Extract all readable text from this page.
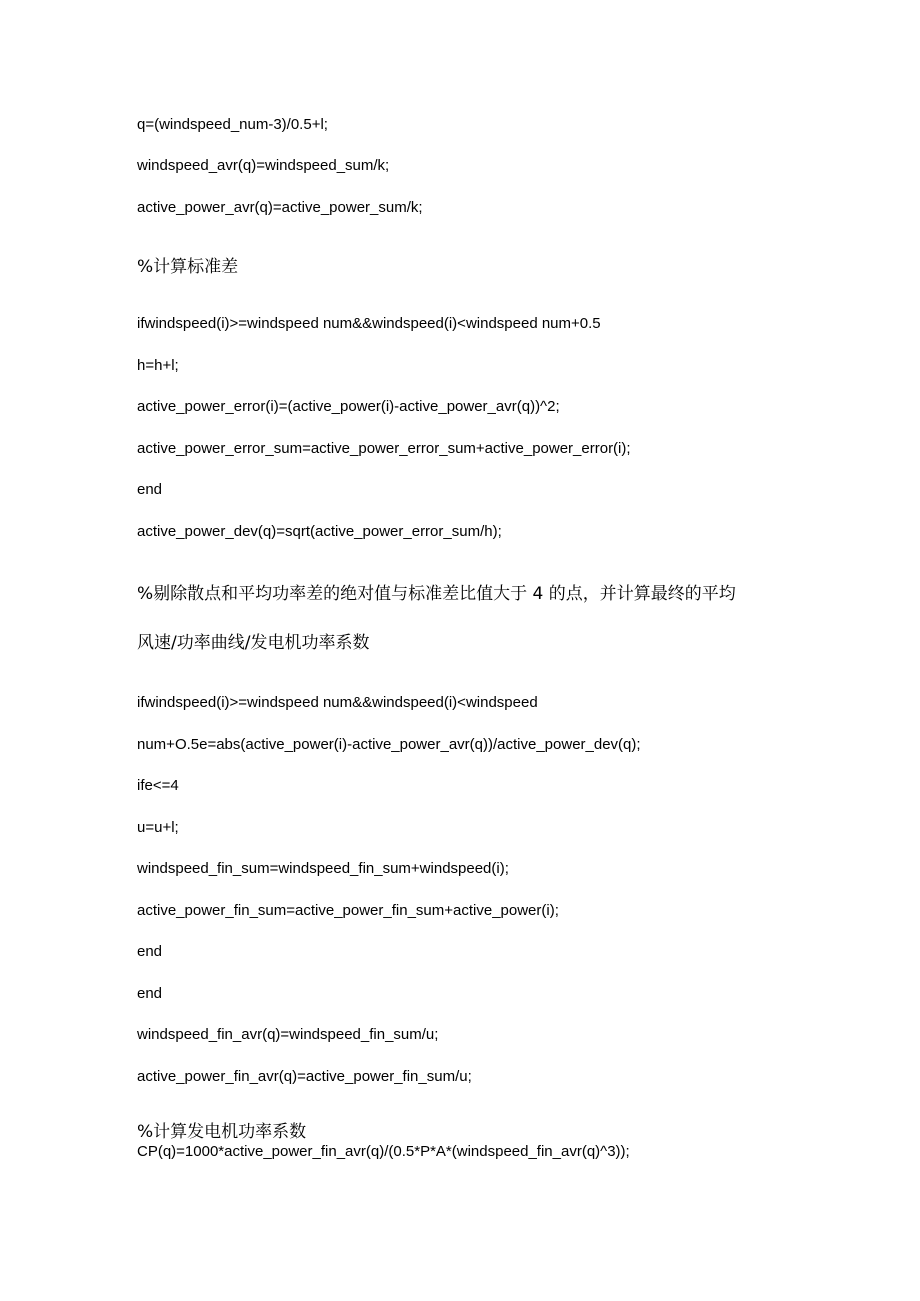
q=(windspeed_num-3)/0.5+l;
windspeed_avr(q)=windspeed_sum/k;
active_power_avr(q)=active_power_sum/k;
%计算标准差
ifwindspeed(i)>=windspeed num&&windspeed(i)<windspeed num+0.5
h=h+l;
active_power_error(i)=(active_power(i)-active_power_avr(q))^2;
active_power_error_sum=active_power_error_sum+active_power_error(i);
end
active_power_dev(q)=sqrt(active_power_error_sum/h);
%剔除散点和平均功率差的绝对值与标准差比值大于 4 的点，并计算最终的平均
风速/功率曲线/发电机功率系数
ifwindspeed(i)>=windspeed num&&windspeed(i)<windspeed
num+O.5e=abs(active_power(i)-active_power_avr(q))/active_power_dev(q);
ife<=4
u=u+l;
windspeed_fin_sum=windspeed_fin_sum+windspeed(i);
active_power_fin_sum=active_power_fin_sum+active_power(i);
end
end
windspeed_fin_avr(q)=windspeed_fin_sum/u;
active_power_fin_avr(q)=active_power_fin_sum/u;
%计算发电机功率系数
CP(q)=1000*active_power_fin_avr(q)/(0.5*P*A*(windspeed_fin_avr(q)^3));
